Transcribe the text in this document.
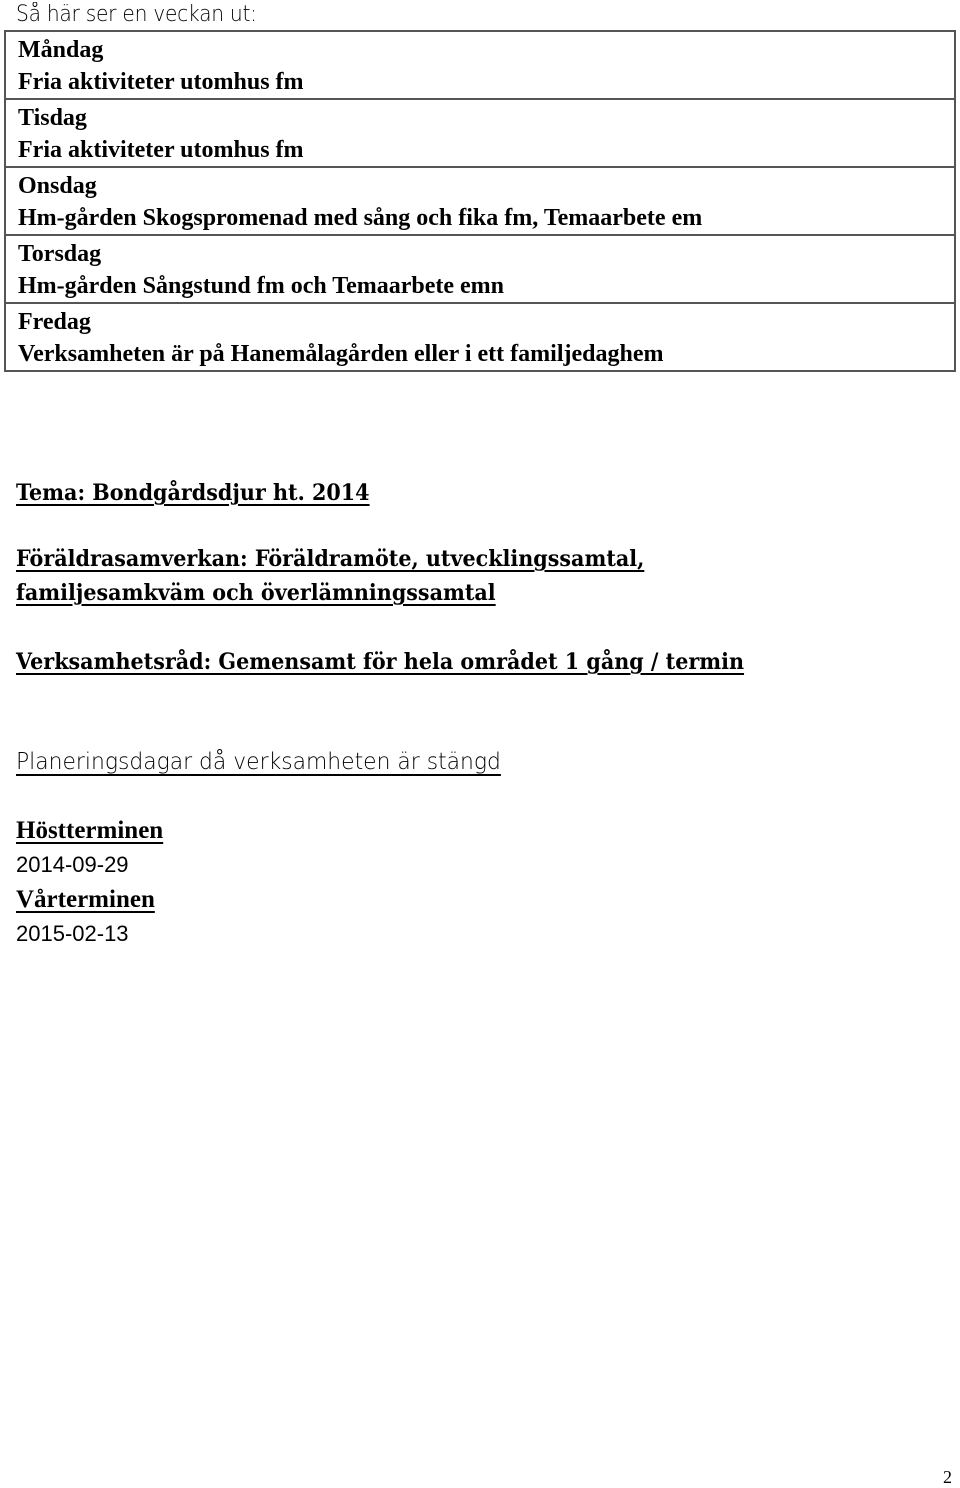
Så här ser en veckan ut:
Måndag
Fria aktiviteter utomhus fm

Tisdag
Fria aktiviteter utomhus fm

Onsdag
Hm-gården Skogspromenad med sång och fika fm, Temaarbete em

Torsdag
Hm-gården Sångstund fm och Temaarbete emn

Fredag
Verksamheten är på Hanemålagården eller i ett familjedaghem
Tema: Bondgårdsdjur ht. 2014
Föräldrasamverkan: Föräldramöte, utvecklingssamtal,
familjesamkväm och överlämningssamtal
Verksamhetsråd: Gemensamt för hela området 1 gång / termin
Planeringsdagar då verksamheten är stängd
Höstterminen
2014-09-29
Vårterminen
2015-02-13
2
